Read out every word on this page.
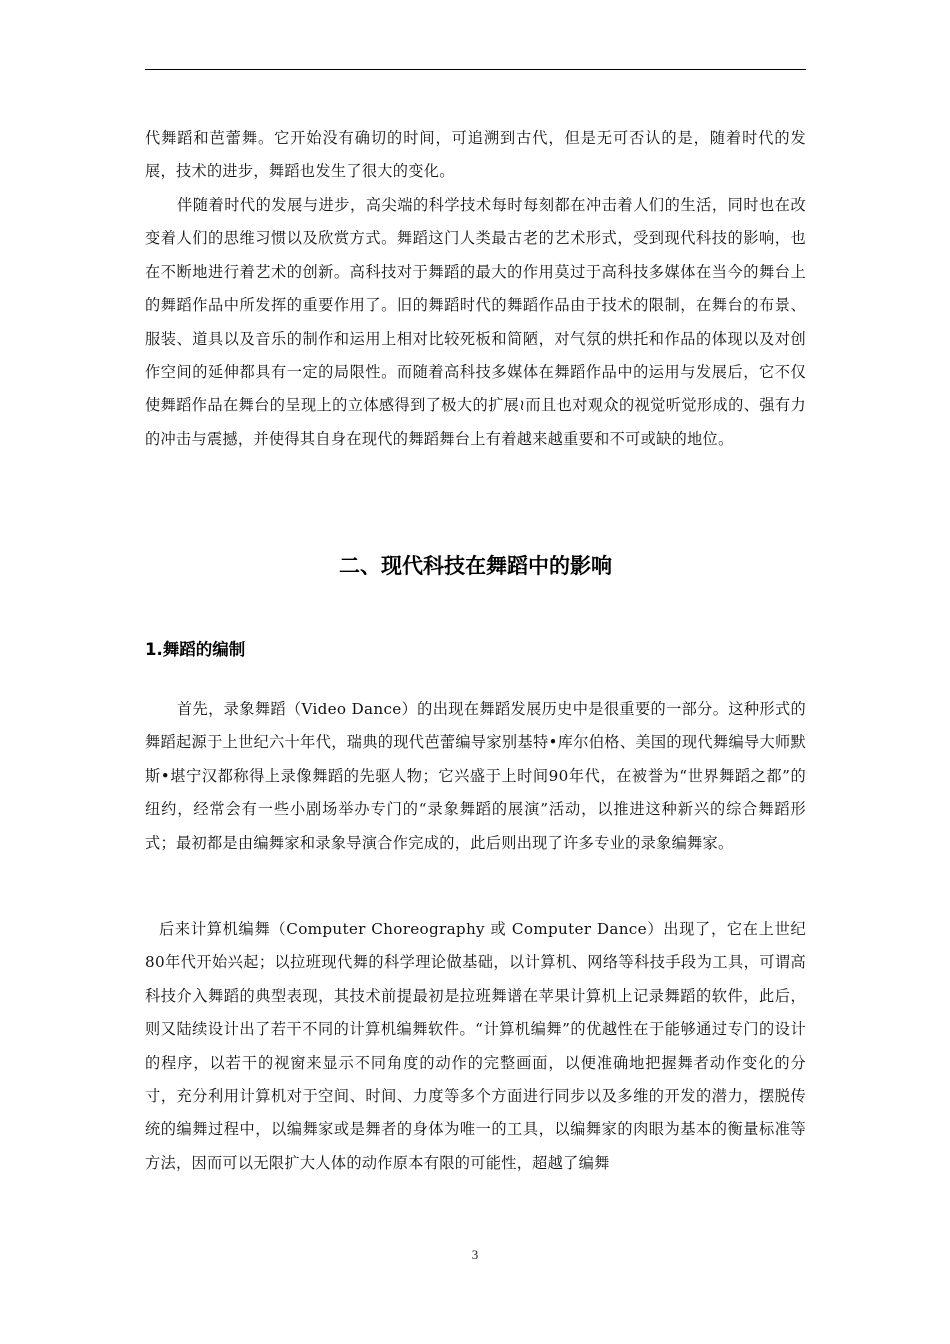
代舞蹈和芭蕾舞。它开始没有确切的时间，可追溯到古代，但是无可否认的是，随着时代的发展，技术的进步，舞蹈也发生了很大的变化。

伴随着时代的发展与进步，高尖端的科学技术每时每刻都在冲击着人们的生活，同时也在改变着人们的思维习惯以及欣赏方式。舞蹈这门人类最古老的艺术形式，受到现代科技的影响，也在不断地进行着艺术的创新。高科技对于舞蹈的最大的作用莫过于高科技多媒体在当今的舞台上的舞蹈作品中所发挥的重要作用了。旧的舞蹈时代的舞蹈作品由于技术的限制，在舞台的布景、服装、道具以及音乐的制作和运用上相对比较死板和简陋，对气氛的烘托和作品的体现以及对创作空间的延伸都具有一定的局限性。而随着高科技多媒体在舞蹈作品中的运用与发展后，它不仅使舞蹈作品在舞台的呈现上的立体感得到了极大的扩展≀而且也对观众的视觉听觉形成的、强有力的冲击与震撼，并使得其自身在现代的舞蹈舞台上有着越来越重要和不可或缺的地位。

二、现代科技在舞蹈中的影响
1.舞蹈的编制

首先，录象舞蹈（Video Dance）的出现在舞蹈发展历史中是很重要的一部分。这种形式的舞蹈起源于上世纪六十年代，瑞典的现代芭蕾编导家别基特•库尔伯格、美国的现代舞编导大师默斯•堪宁汉都称得上录像舞蹈的先驱人物；它兴盛于上时间90年代，在被誉为“世界舞蹈之都”的纽约，经常会有一些小剧场举办专门的“录象舞蹈的展演”活动，以推进这种新兴的综合舞蹈形式；最初都是由编舞家和录象导演合作完成的，此后则出现了许多专业的录象编舞家。

后来计算机编舞（Computer Choreography 或 Computer Dance）出现了，它在上世纪80年代开始兴起；以拉班现代舞的科学理论做基础，以计算机、网络等科技手段为工具，可谓高科技介入舞蹈的典型表现，其技术前提最初是拉班舞谱在苹果计算机上记录舞蹈的软件，此后，则又陆续设计出了若干不同的计算机编舞软件。“计算机编舞”的优越性在于能够通过专门的设计的程序，以若干的视窗来显示不同角度的动作的完整画面，以便准确地把握舞者动作变化的分寸，充分利用计算机对于空间、时间、力度等多个方面进行同步以及多维的开发的潜力，摆脱传统的编舞过程中，以编舞家或是舞者的身体为唯一的工具，以编舞家的肉眼为基本的衡量标准等方法，因而可以无限扩大人体的动作原本有限的可能性，超越了编舞

3
